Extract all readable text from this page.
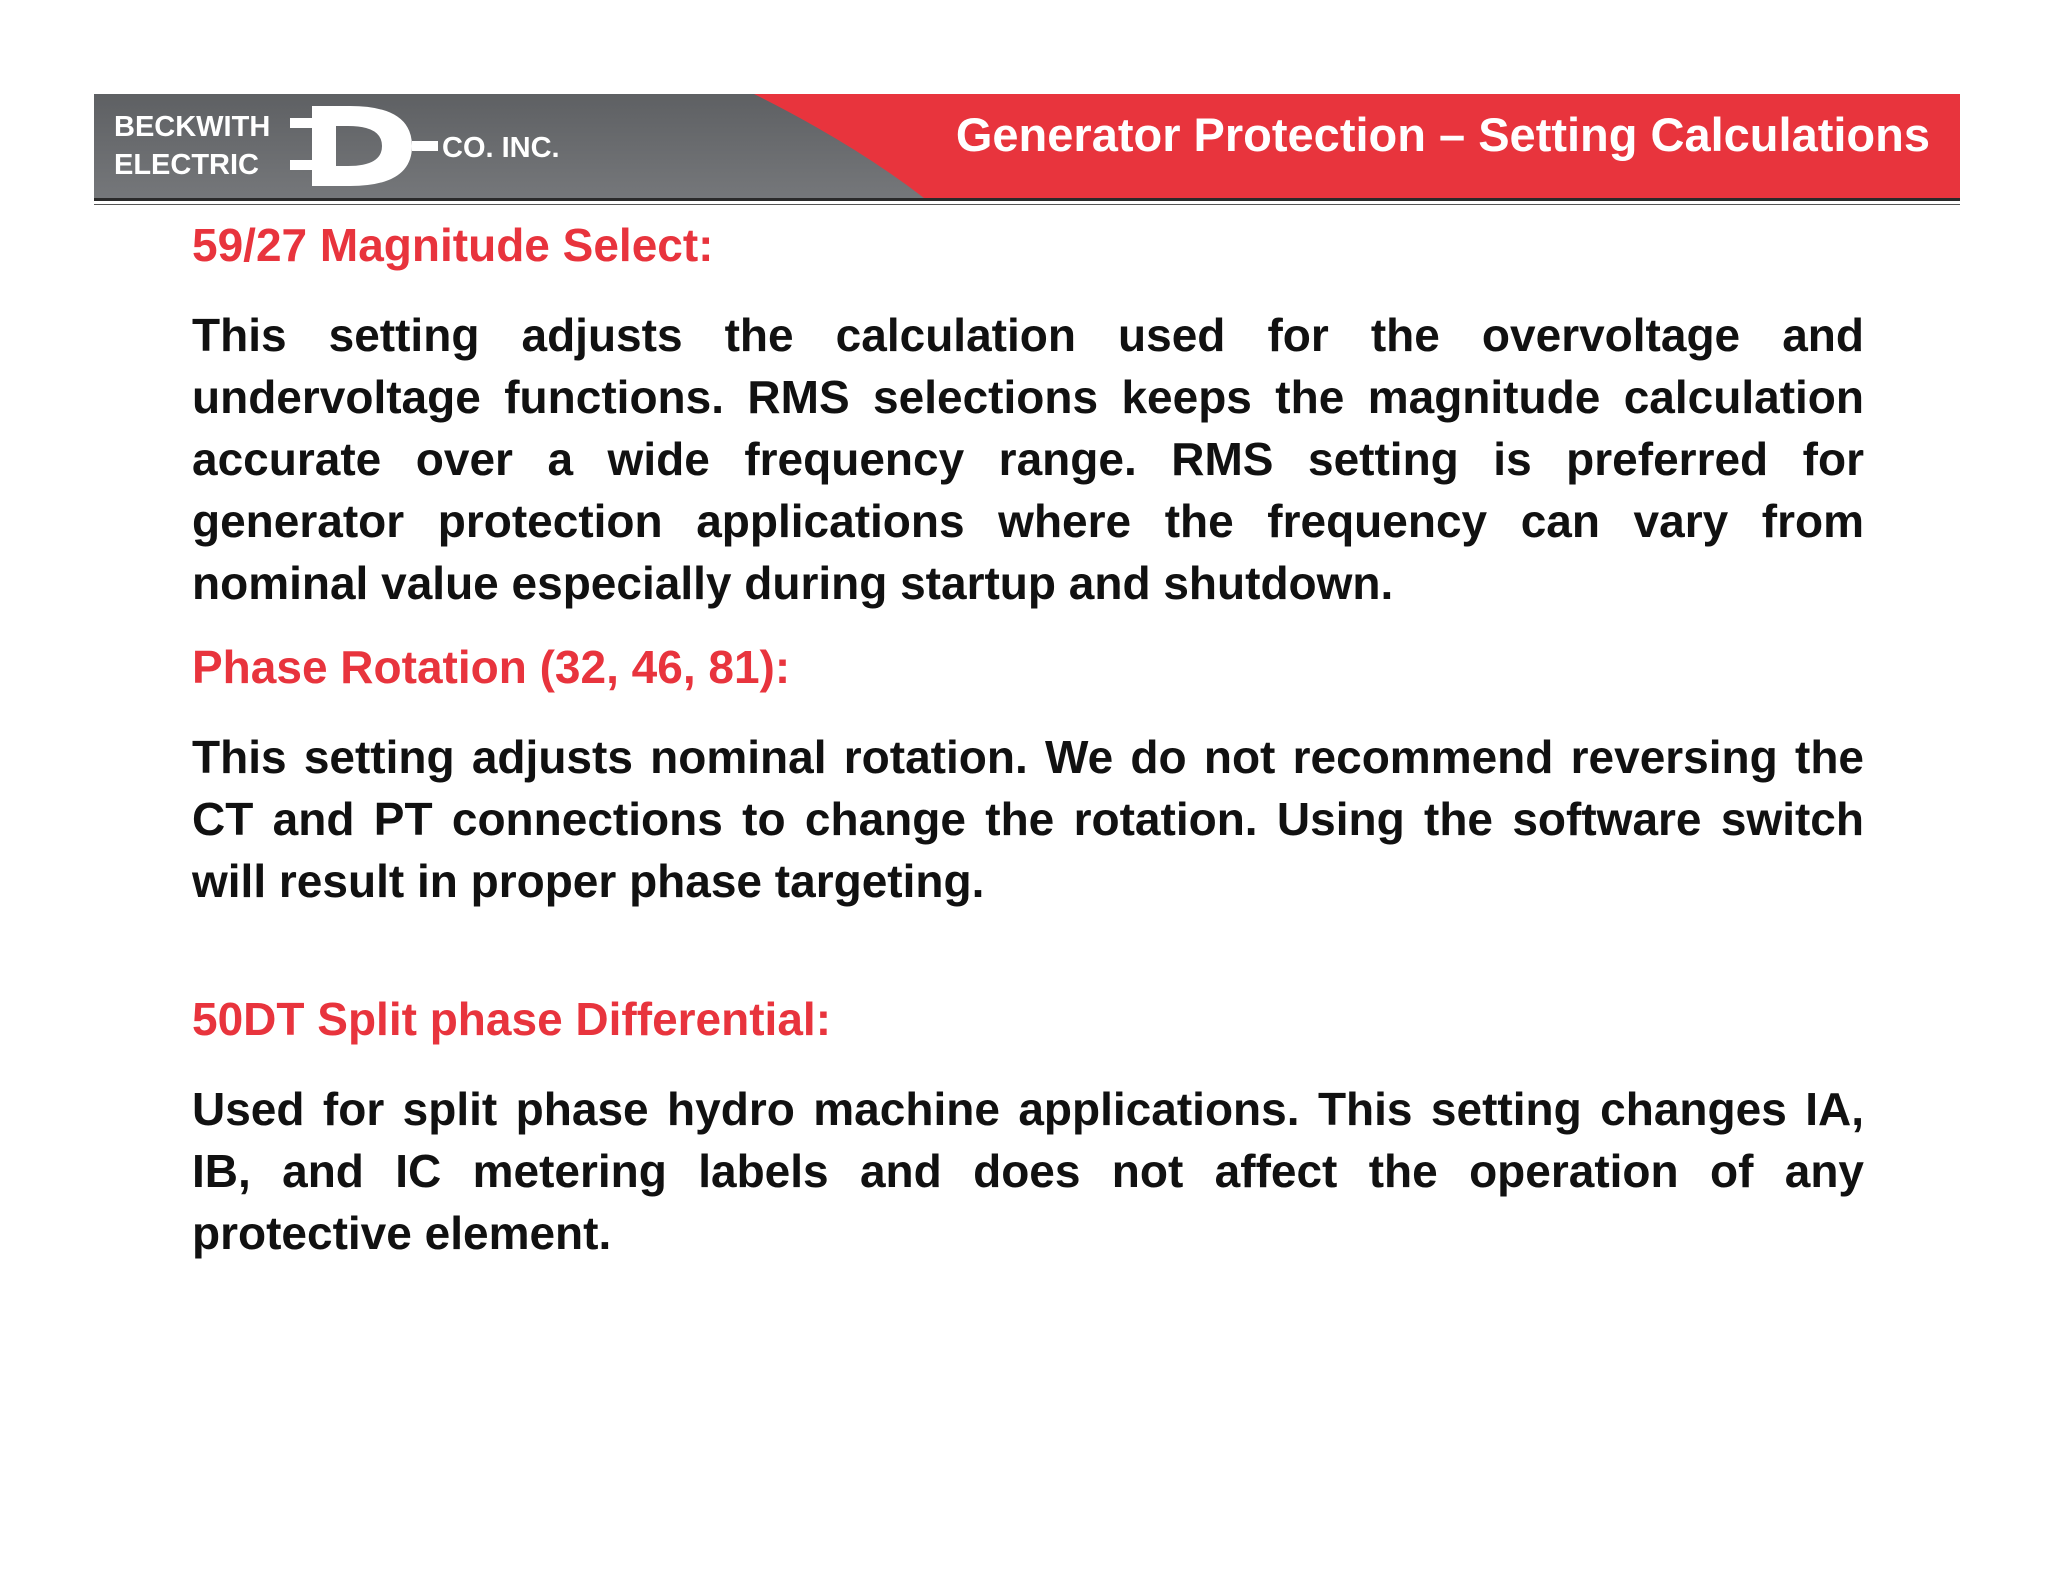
BECKWITH
ELECTRIC
CO. INC.	Generator Protection – Setting Calculations
59/27 Magnitude Select:

This setting adjusts the calculation used for the overvoltage and undervoltage functions. RMS selections keeps the magnitude calculation accurate over a wide frequency range. RMS setting is preferred for generator protection applications where the frequency can vary from nominal value especially during startup and shutdown.

Phase Rotation (32, 46, 81):

This setting adjusts nominal rotation. We do not recommend reversing the CT and PT connections to change the rotation. Using the software switch will result in proper phase targeting.

50DT Split phase Differential:

Used for split phase hydro machine applications. This setting changes IA, IB, and IC metering labels and does not affect the operation of any protective element.
